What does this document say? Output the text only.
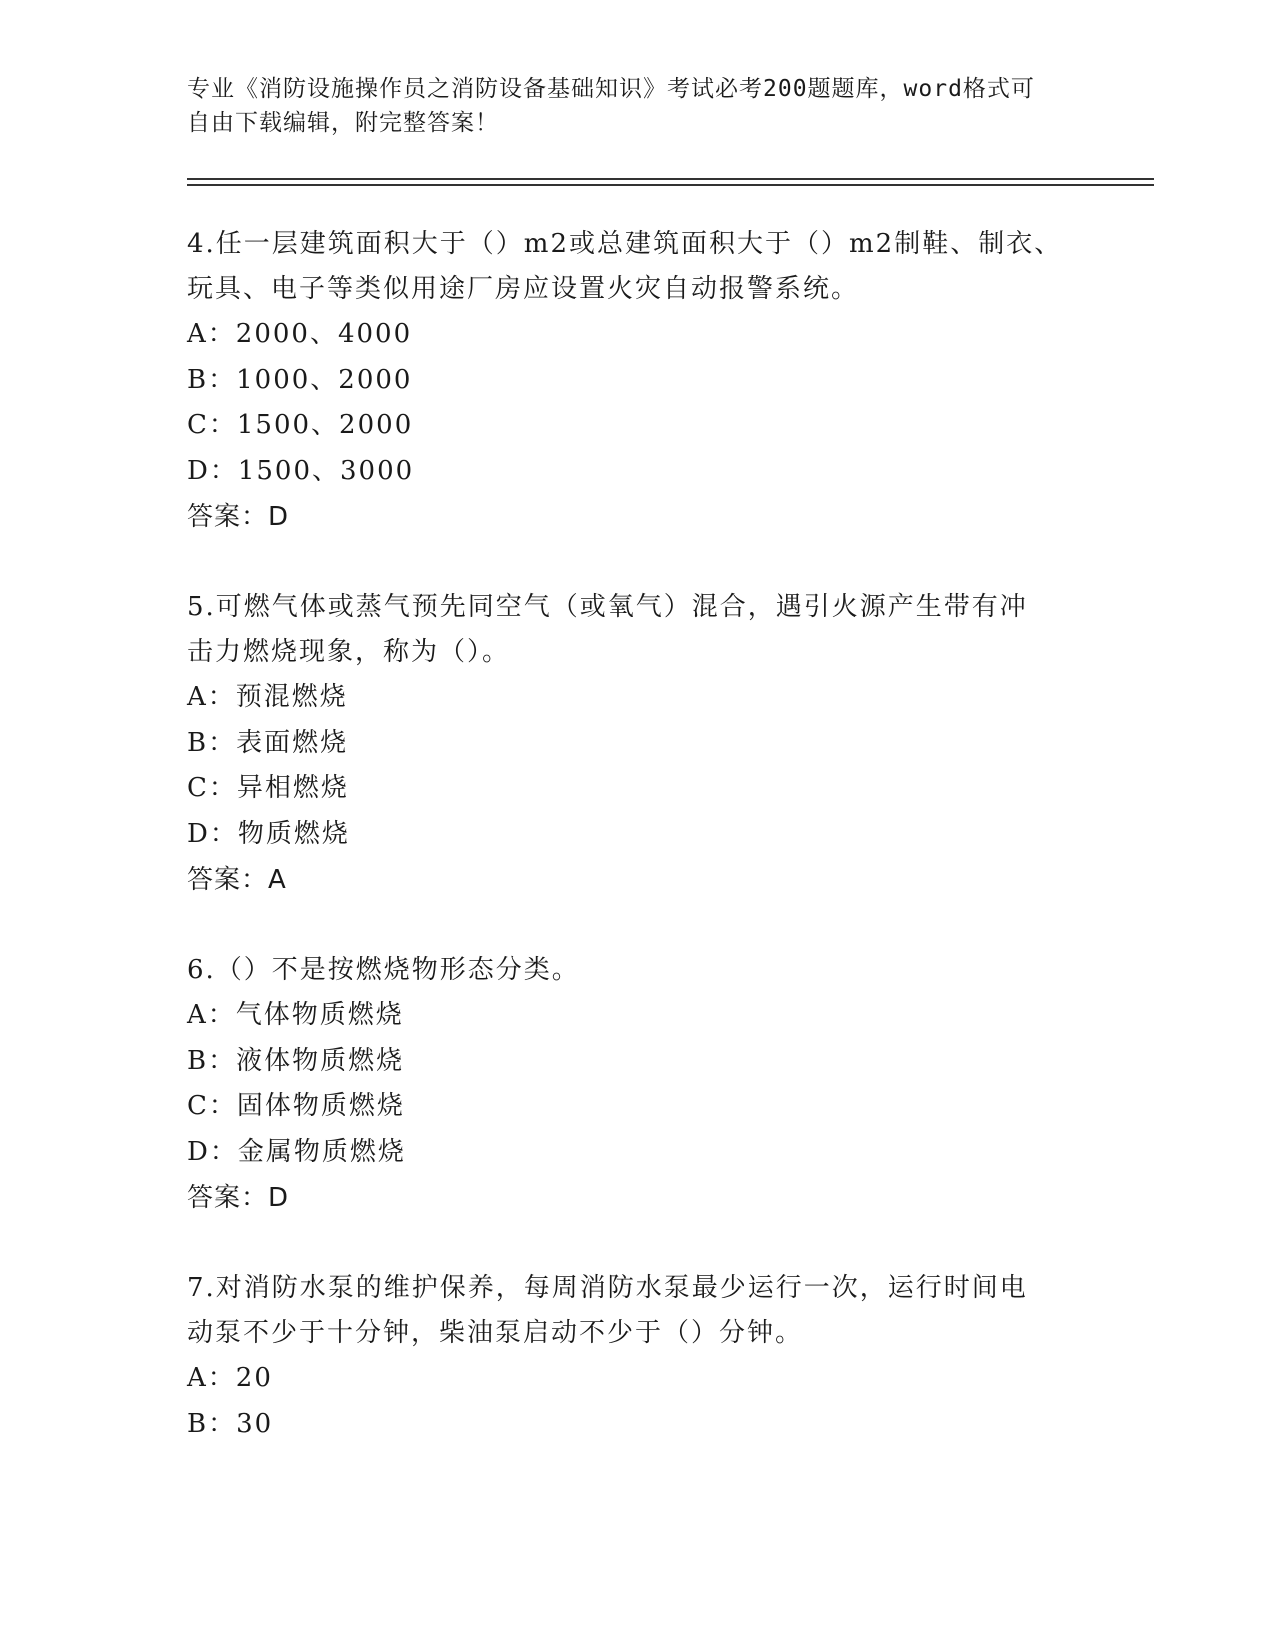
专业《消防设施操作员之消防设备基础知识》考试必考200题题库，word格式可
自由下载编辑，附完整答案！
4.任一层建筑面积大于（）m2或总建筑面积大于（）m2制鞋、制衣、
玩具、电子等类似用途厂房应设置火灾自动报警系统。
A：2000、4000
B：1000、2000
C：1500、2000
D：1500、3000
答案：D
5.可燃气体或蒸气预先同空气（或氧气）混合，遇引火源产生带有冲
击力燃烧现象，称为（）。
A：预混燃烧
B：表面燃烧
C：异相燃烧
D：物质燃烧
答案：A
6.（）不是按燃烧物形态分类。
A：气体物质燃烧
B：液体物质燃烧
C：固体物质燃烧
D：金属物质燃烧
答案：D
7.对消防水泵的维护保养，每周消防水泵最少运行一次，运行时间电
动泵不少于十分钟，柴油泵启动不少于（）分钟。
A：20
B：30
